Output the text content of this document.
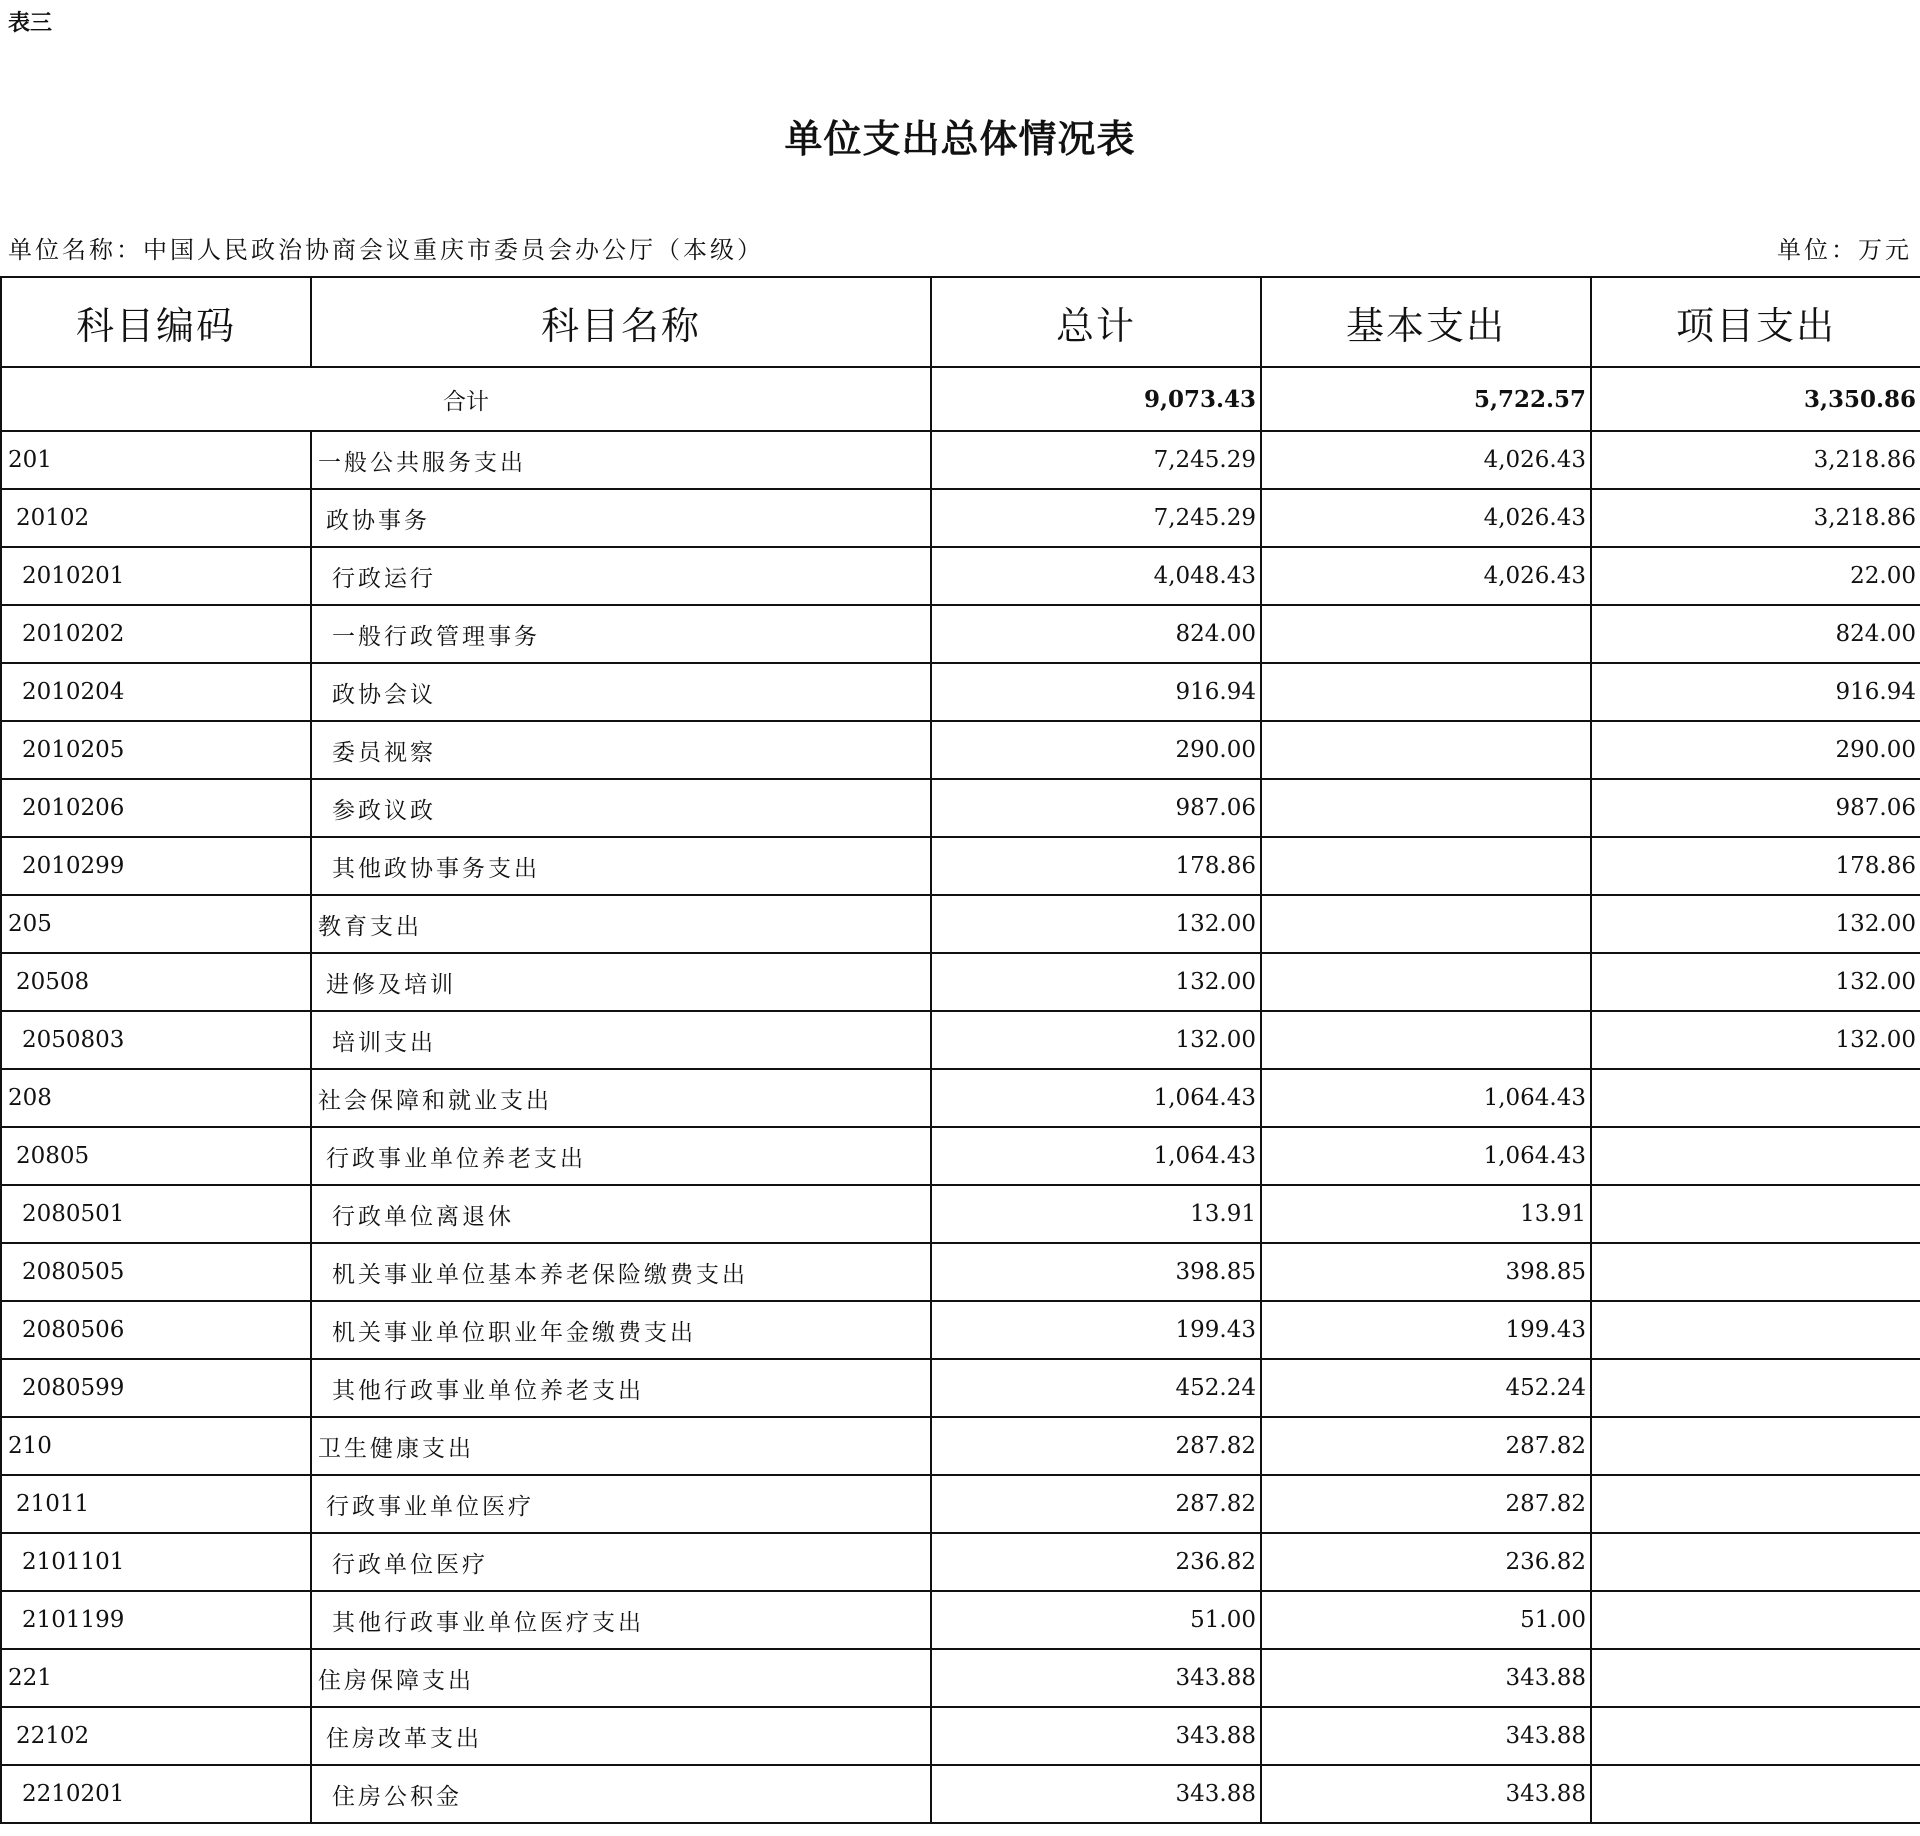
表三
单位支出总体情况表
单位名称：中国人民政治协商会议重庆市委员会办公厅（本级）	单位：万元
科目编码	科目名称	总计	基本支出	项目支出
合计		9,073.43	5,722.57	3,350.86
201	一般公共服务支出	7,245.29	4,026.43	3,218.86
20102	政协事务	7,245.29	4,026.43	3,218.86
2010201	行政运行	4,048.43	4,026.43	22.00
2010202	一般行政管理事务	824.00		824.00
2010204	政协会议	916.94		916.94
2010205	委员视察	290.00		290.00
2010206	参政议政	987.06		987.06
2010299	其他政协事务支出	178.86		178.86
205	教育支出	132.00		132.00
20508	进修及培训	132.00		132.00
2050803	培训支出	132.00		132.00
208	社会保障和就业支出	1,064.43	1,064.43	
20805	行政事业单位养老支出	1,064.43	1,064.43	
2080501	行政单位离退休	13.91	13.91	
2080505	机关事业单位基本养老保险缴费支出	398.85	398.85	
2080506	机关事业单位职业年金缴费支出	199.43	199.43	
2080599	其他行政事业单位养老支出	452.24	452.24	
210	卫生健康支出	287.82	287.82	
21011	行政事业单位医疗	287.82	287.82	
2101101	行政单位医疗	236.82	236.82	
2101199	其他行政事业单位医疗支出	51.00	51.00	
221	住房保障支出	343.88	343.88	
22102	住房改革支出	343.88	343.88	
2210201	住房公积金	343.88	343.88	
